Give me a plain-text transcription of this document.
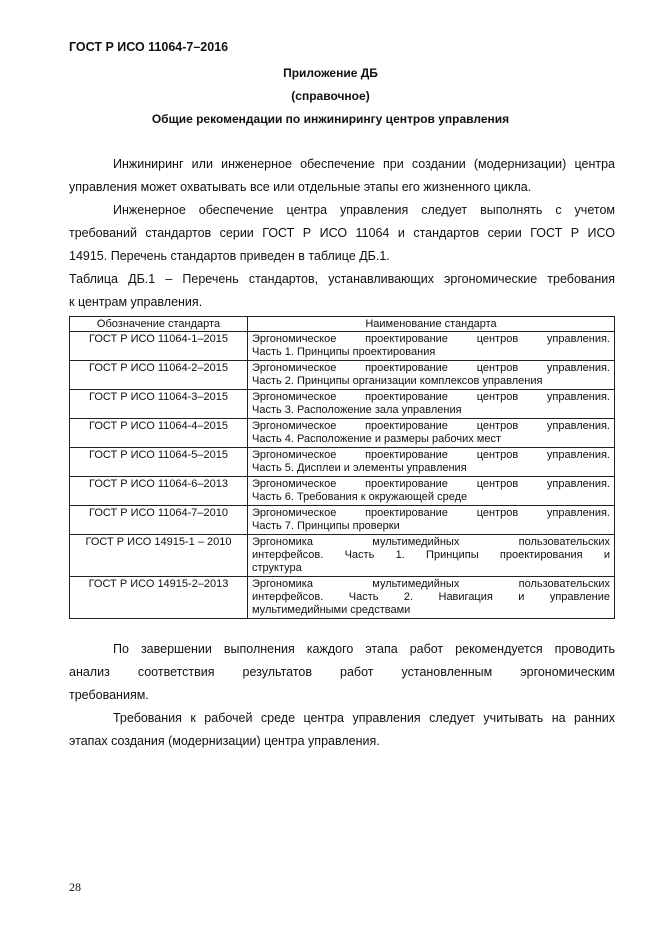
ГОСТ Р ИСО 11064-7–2016
Приложение ДБ
(справочное)
Общие рекомендации по инжинирингу центров управления
Инжиниринг или инженерное обеспечение при создании (модернизации) центра
управления может охватывать все или отдельные этапы его жизненного цикла.
Инженерное обеспечение центра управления следует выполнять с учетом
требований стандартов серии ГОСТ Р ИСО 11064 и стандартов серии ГОСТ Р ИСО
14915. Перечень стандартов приведен в таблице ДБ.1.
Таблица ДБ.1 – Перечень стандартов, устанавливающих эргономические требования
к центрам управления.
Обозначение стандарта	Наименование стандарта
ГОСТ Р ИСО 11064-1–2015	Эргономическое проектирование центров управления.
Часть 1. Принципы проектирования

ГОСТ Р ИСО 11064-2–2015	Эргономическое проектирование центров управления.
Часть 2. Принципы организации комплексов управления

ГОСТ Р ИСО 11064-3–2015	Эргономическое проектирование центров управления.
Часть 3. Расположение зала управления

ГОСТ Р ИСО 11064-4–2015	Эргономическое проектирование центров управления.
Часть 4. Расположение и размеры рабочих мест

ГОСТ Р ИСО 11064-5–2015	Эргономическое проектирование центров управления.
Часть 5. Дисплеи и элементы управления

ГОСТ Р ИСО 11064-6–2013	Эргономическое проектирование центров управления.
Часть 6. Требования к окружающей среде

ГОСТ Р ИСО 11064-7–2010	Эргономическое проектирование центров управления.
Часть 7. Принципы проверки

ГОСТ Р ИСО 14915-1 – 2010	Эргономика мультимедийных пользовательских
интерфейсов. Часть 1. Принципы проектирования и
структура

ГОСТ Р ИСО 14915-2–2013	Эргономика мультимедийных пользовательских
интерфейсов. Часть 2. Навигация и управление
мультимедийными средствами
По завершении выполнения каждого этапа работ рекомендуется проводить
анализ соответствия результатов работ установленным эргономическим
требованиям.
Требования к рабочей среде центра управления следует учитывать на ранних
этапах создания (модернизации) центра управления.
28
